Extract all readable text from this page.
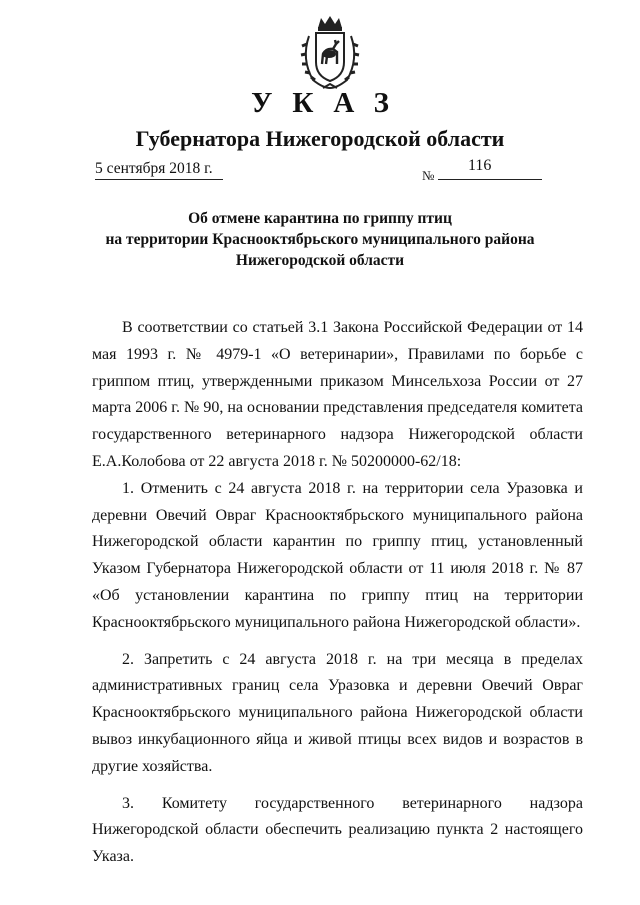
УКАЗ
Губернатора Нижегородской области
5 сентября 2018 г.	№
116
Об отмене карантина по гриппу птиц
на территории Краснооктябрьского муниципального района
Нижегородской области

В соответствии со статьей 3.1 Закона Российской Федерации от 14 мая 1993 г. № 4979-1 «О ветеринарии», Правилами по борьбе с гриппом птиц, утвержденными приказом Минсельхоза России от 27 марта 2006 г. № 90, на основании представления председателя комитета государственного ветеринарного надзора Нижегородской области Е.А.Колобова от 22 августа 2018 г. № 50200000-62/18:

1. Отменить с 24 августа 2018 г. на территории села Уразовка и деревни Овечий Овраг Краснооктябрьского муниципального района Нижегородской области карантин по гриппу птиц, установленный Указом Губернатора Нижегородской области от 11 июля 2018 г. № 87 «Об установлении карантина по гриппу птиц на территории Краснооктябрьского муниципального района Нижегородской области».

2. Запретить с 24 августа 2018 г. на три месяца в пределах административных границ села Уразовка и деревни Овечий Овраг Краснооктябрьского муниципального района Нижегородской области вывоз инкубационного яйца и живой птицы всех видов и возрастов в другие хозяйства.

3. Комитету государственного ветеринарного надзора Нижегородской области обеспечить реализацию пункта 2 настоящего Указа.
